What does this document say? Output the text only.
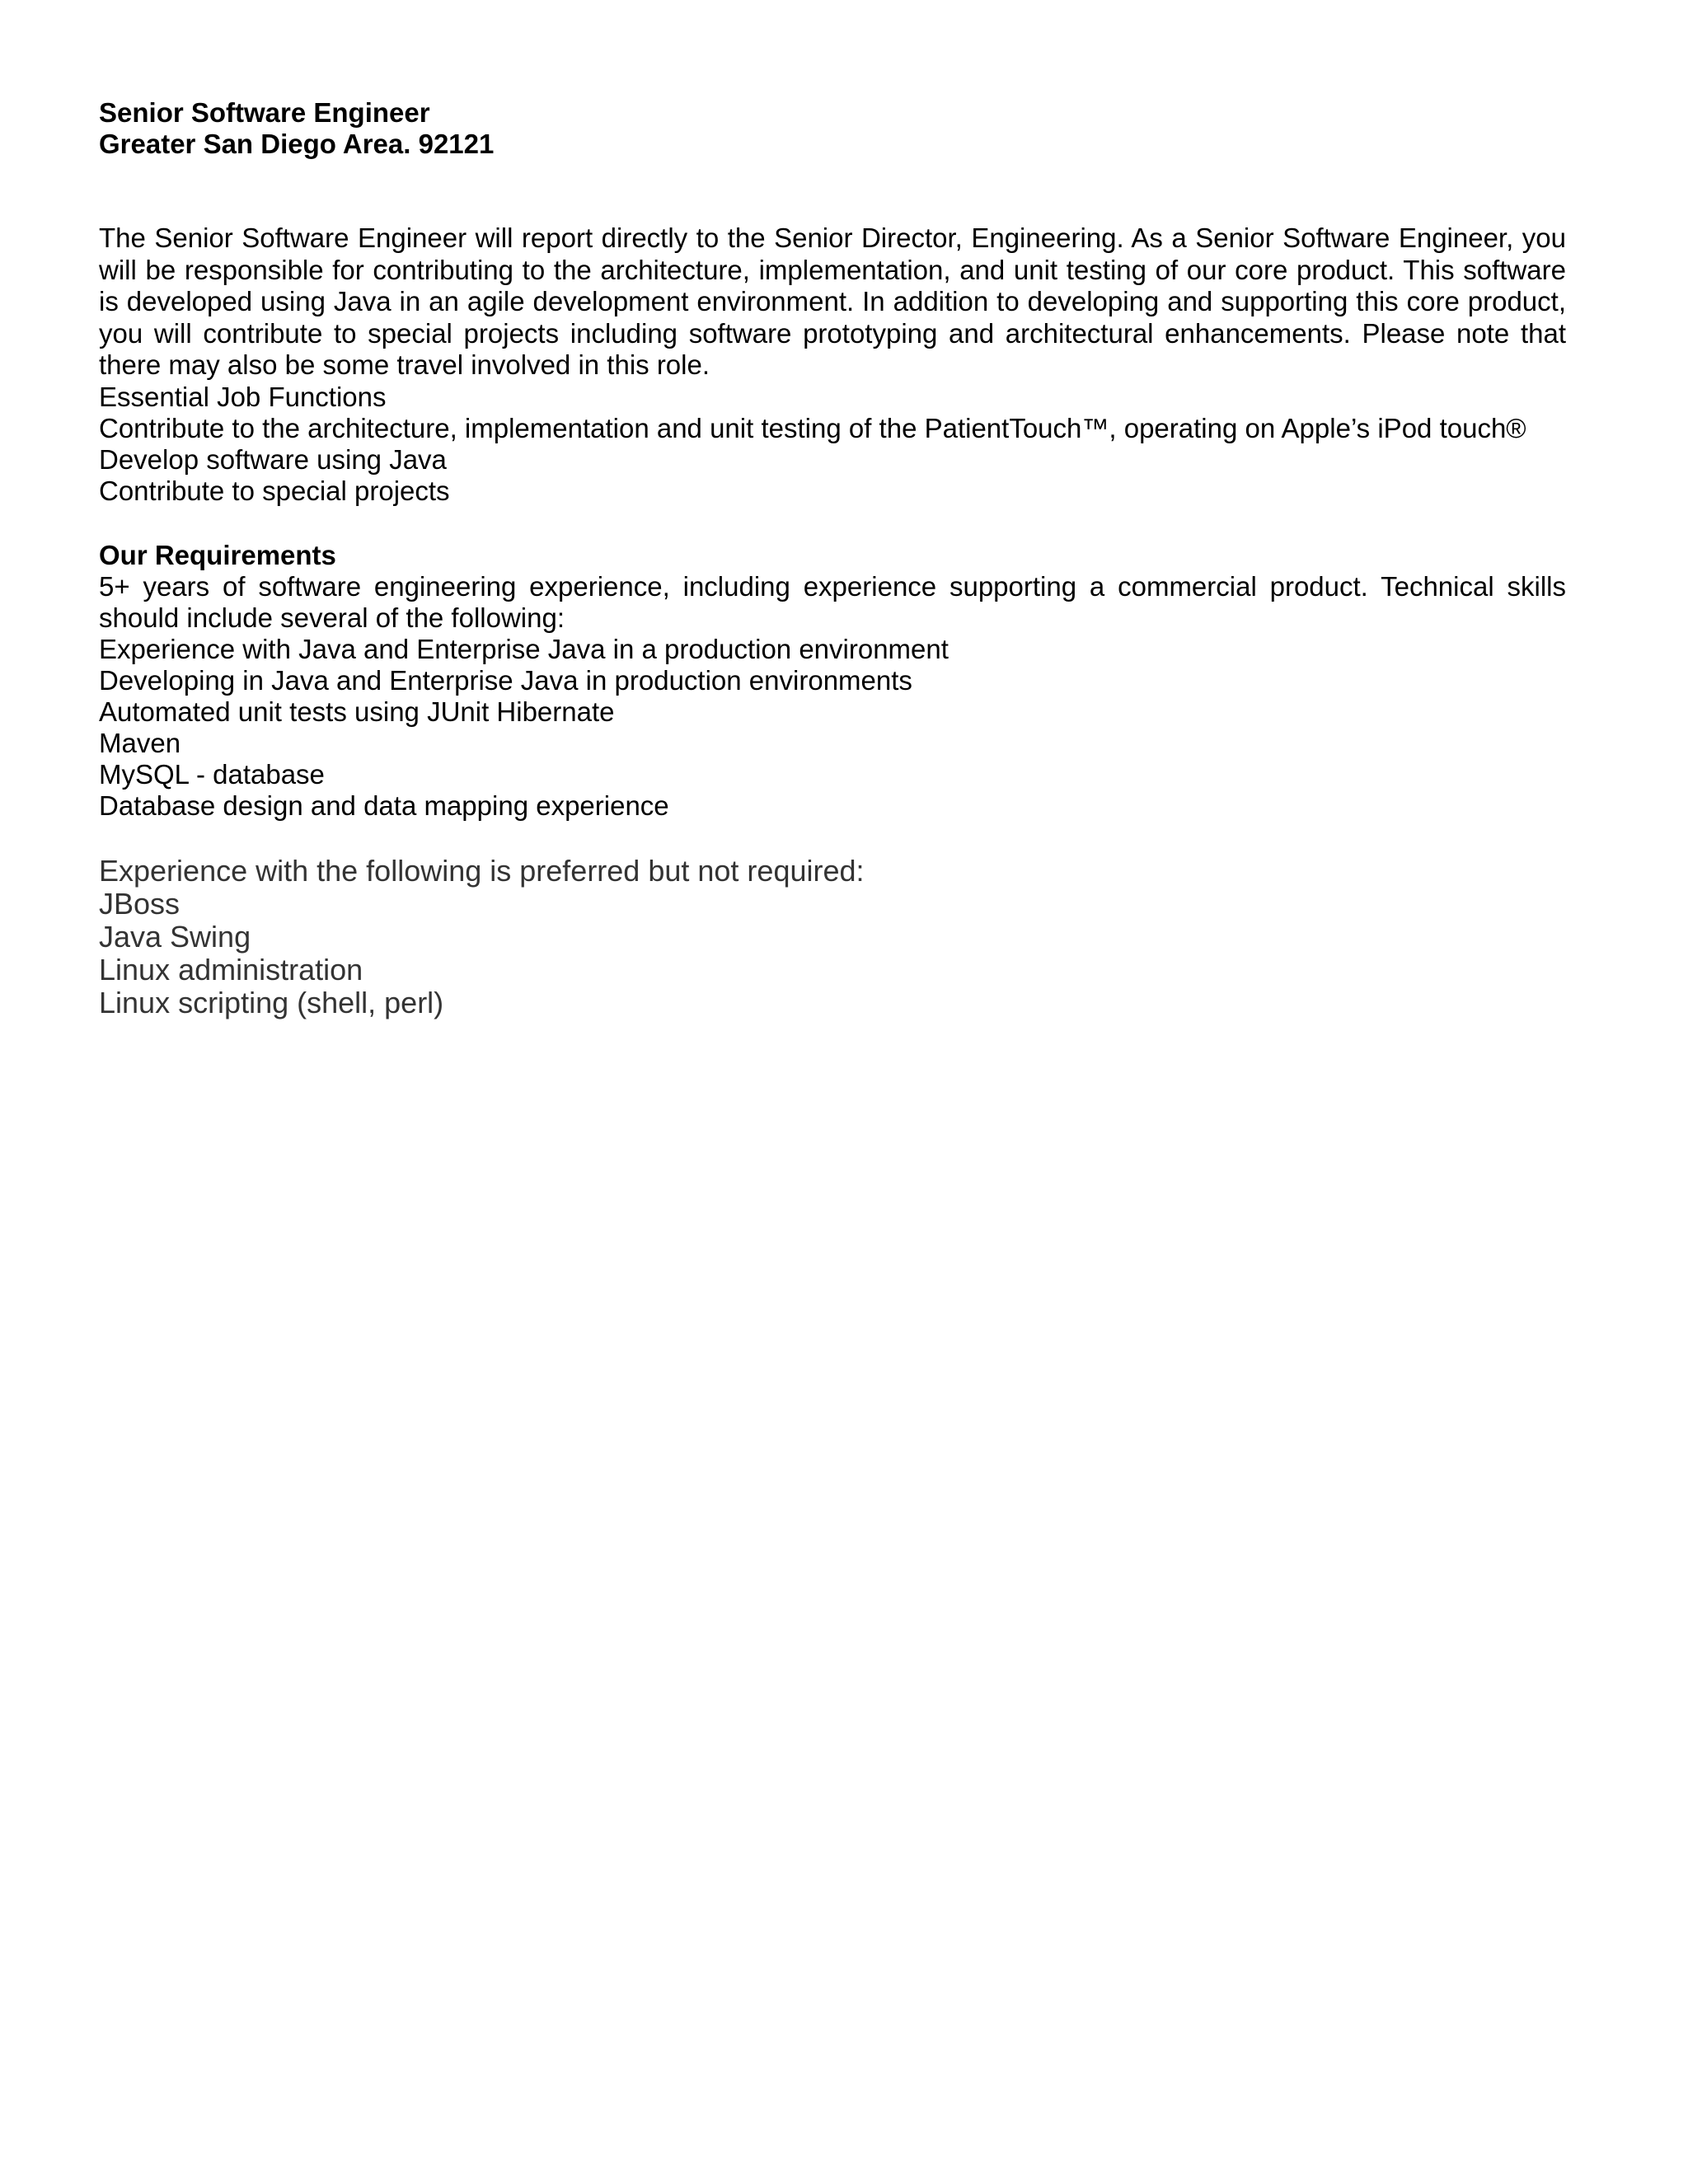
Senior Software Engineer
Greater San Diego Area. 92121

The Senior Software Engineer will report directly to the Senior Director, Engineering. As a Senior Software Engineer, you will be responsible for contributing to the architecture, implementation, and unit testing of our core product. This software is developed using Java in an agile development environment. In addition to developing and supporting this core product, you will contribute to special projects including software prototyping and architectural enhancements. Please note that there may also be some travel involved in this role.

Essential Job Functions
Contribute to the architecture, implementation and unit testing of the PatientTouch™, operating on Apple’s iPod touch®
Develop software using Java
Contribute to special projects
Our Requirements
5+ years of software engineering experience, including experience supporting a commercial product. Technical skills
should include several of the following:
Experience with Java and Enterprise Java in a production environment
Developing in Java and Enterprise Java in production environments
Automated unit tests using JUnit Hibernate
Maven
MySQL - database
Database design and data mapping experience
Experience with the following is preferred but not required:
JBoss
Java Swing
Linux administration
Linux scripting (shell, perl)
